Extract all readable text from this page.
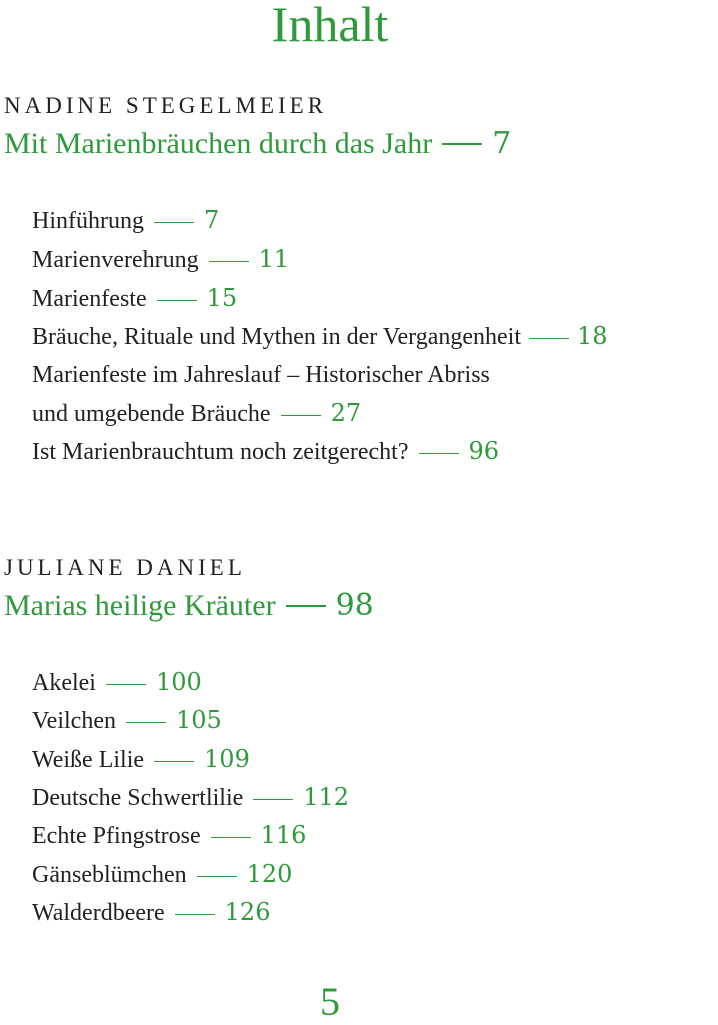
Inhalt
NADINE STEGELMEIER
Mit Marienbräuchen durch das Jahr 7
Hinführung	7
Marienverehrung	11
Marienfeste	15
Bräuche, Rituale und Mythen in der Vergangenheit 18
Marienfeste im Jahreslauf – Historischer Abriss
und umgebende Bräuche	27
Ist Marienbrauchtum noch zeitgerecht?	96
JULIANE DANIEL
Marias heilige Kräuter 98
Akelei	100
Veilchen	105
Weiße Lilie	109
Deutsche Schwertlilie	112
Echte Pfingstrose	116
Gänseblümchen	120
Walderdbeere	126
5
